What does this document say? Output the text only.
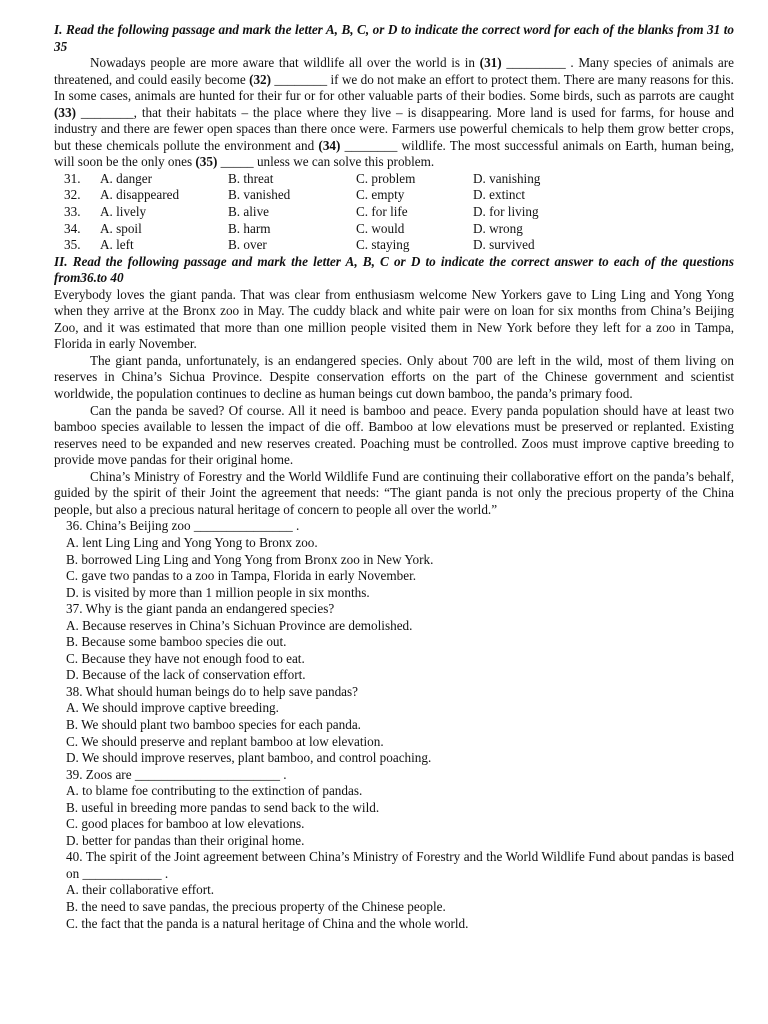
I. Read the following passage and mark the letter A, B, C, or D to indicate the correct word for each of the blanks from 31 to 35

Nowadays people are more aware that wildlife all over the world is in (31) _________ . Many species of animals are threatened, and could easily become (32) ________ if we do not make an effort to protect them. There are many reasons for this. In some cases, animals are hunted for their fur or for other valuable parts of their bodies. Some birds, such as parrots are caught (33) ________, that their habitats – the place where they live – is disappearing. More land is used for farms, for house and industry and there are fewer open spaces than there once were. Farmers use powerful chemicals to help them grow better crops, but these chemicals pollute the environment and (34) ________ wildlife. The most successful animals on Earth, human being, will soon be the only ones (35) _____ unless we can solve this problem.

31.	A. danger	B. threat	C. problem	D. vanishing
32.	A. disappeared	B. vanished	C. empty	D. extinct
33.	A. lively	B. alive	C. for life	D. for living
34.	A. spoil	B. harm	C. would	D. wrong
35.	A. left	B. over	C. staying	D. survived

II. Read the following passage and mark the letter A, B, C or D to indicate the correct answer to each of the questions from36.to 40

Everybody loves the giant panda. That was clear from enthusiasm welcome New Yorkers gave to Ling Ling and Yong Yong when they arrive at the Bronx zoo in May. The cuddy black and white pair were on loan for six months from China’s Beijing Zoo, and it was estimated that more than one million people visited them in New York before they left for a zoo in Tampa, Florida in early November.

The giant panda, unfortunately, is an endangered species. Only about 700 are left in the wild, most of them living on reserves in China’s Sichua Province. Despite conservation efforts on the part of the Chinese government and scientist worldwide, the population continues to decline as human beings cut down bamboo, the panda’s primary food.

Can the panda be saved? Of course. All it need is bamboo and peace. Every panda population should have at least two bamboo species available to lessen the impact of die off. Bamboo at low elevations must be preserved or replanted. Existing reserves need to be expanded and new reserves created. Poaching must be controlled. Zoos must improve captive breeding to provide move pandas for their original home.

China’s Ministry of Forestry and the World Wildlife Fund are continuing their collaborative effort on the panda’s behalf, guided by the spirit of their Joint the agreement that needs: “The giant panda is not only the precious property of the China people, but also a precious natural heritage of concern to people all over the world.”

36. China’s Beijing zoo _______________ .

A. lent Ling Ling and Yong Yong to Bronx zoo.

B. borrowed Ling Ling and Yong Yong from Bronx zoo in New York.

C. gave two pandas to a zoo in Tampa, Florida in early November.

D. is visited by more than 1 million people in six months.

37. Why is the giant panda an endangered species?

A. Because reserves in China’s Sichuan Province are demolished.

B. Because some bamboo species die out.

C. Because they have not enough food to eat.

D. Because of the lack of conservation effort.

38. What should human beings do to help save pandas?

A. We should improve captive breeding.

B. We should plant two bamboo species for each panda.

C. We should preserve and replant bamboo at low elevation.

D. We should improve reserves, plant bamboo, and control poaching.

39. Zoos are ______________________ .

A. to blame foe contributing to the extinction of pandas.

B. useful in breeding more pandas to send back to the wild.

C. good places for bamboo at low elevations.

D. better for pandas than their original home.

40. The spirit of the Joint agreement between China’s Ministry of Forestry and the World Wildlife Fund about pandas is based on ____________ .

A. their collaborative effort.

B. the need to save pandas, the precious property of the Chinese people.

C. the fact that the panda is a natural heritage of China and the whole world.
